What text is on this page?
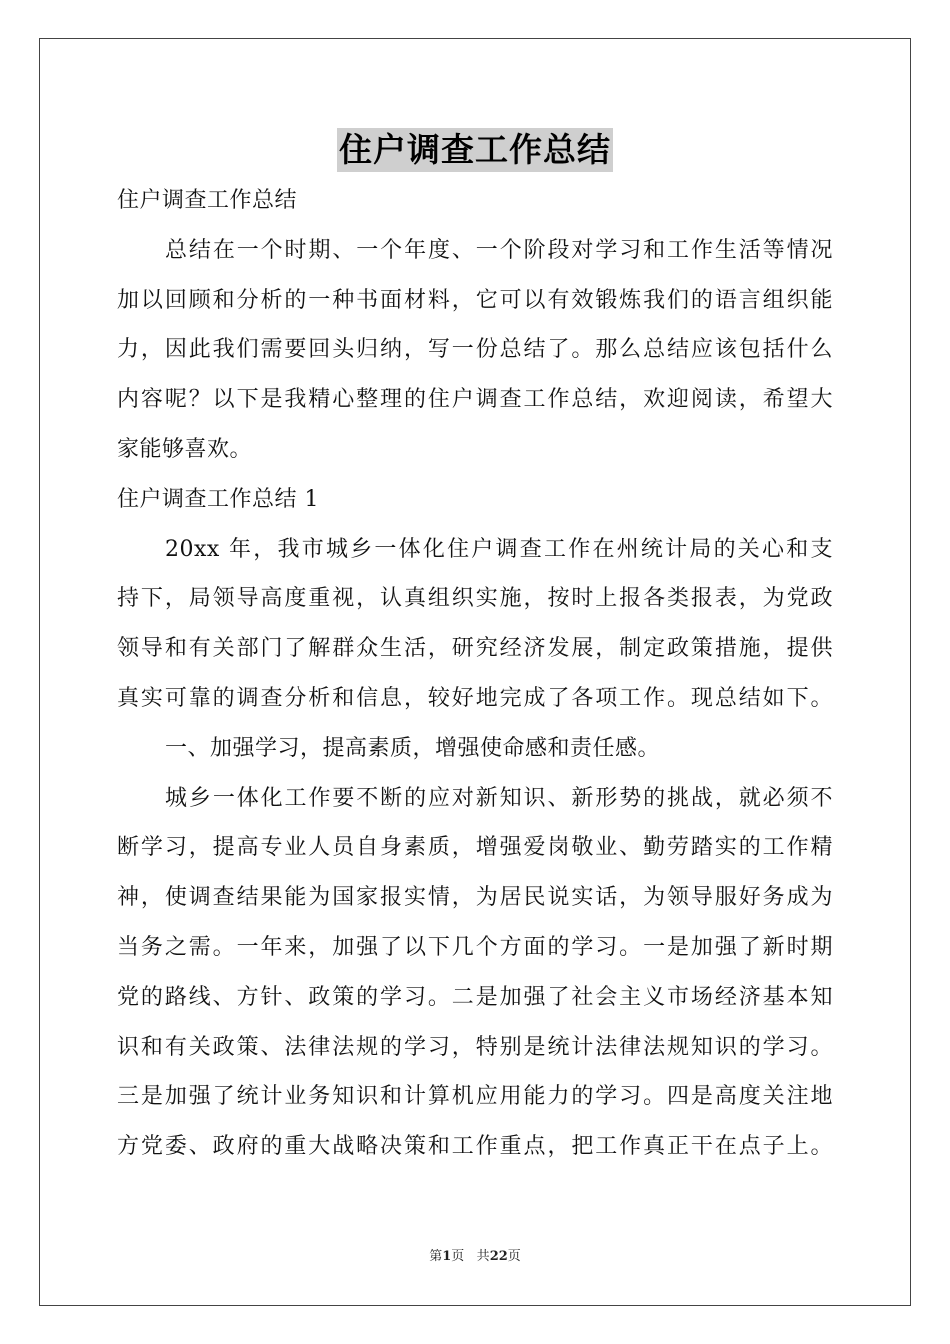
住户调查工作总结
住户调查工作总结
总结在一个时期、一个年度、一个阶段对学习和工作生活等情况
加以回顾和分析的一种书面材料，它可以有效锻炼我们的语言组织能
力，因此我们需要回头归纳，写一份总结了。那么总结应该包括什么
内容呢？以下是我精心整理的住户调查工作总结，欢迎阅读，希望大
家能够喜欢。
住户调查工作总结 1
20xx 年，我市城乡一体化住户调查工作在州统计局的关心和支
持下，局领导高度重视，认真组织实施，按时上报各类报表，为党政
领导和有关部门了解群众生活，研究经济发展，制定政策措施，提供
真实可靠的调查分析和信息，较好地完成了各项工作。现总结如下。
一、加强学习，提高素质，增强使命感和责任感。
城乡一体化工作要不断的应对新知识、新形势的挑战，就必须不
断学习，提高专业人员自身素质，增强爱岗敬业、勤劳踏实的工作精
神，使调查结果能为国家报实情，为居民说实话，为领导服好务成为
当务之需。一年来，加强了以下几个方面的学习。一是加强了新时期
党的路线、方针、政策的学习。二是加强了社会主义市场经济基本知
识和有关政策、法律法规的学习，特别是统计法律法规知识的学习。
三是加强了统计业务知识和计算机应用能力的学习。四是高度关注地
方党委、政府的重大战略决策和工作重点，把工作真正干在点子上。
第1页 共22页
